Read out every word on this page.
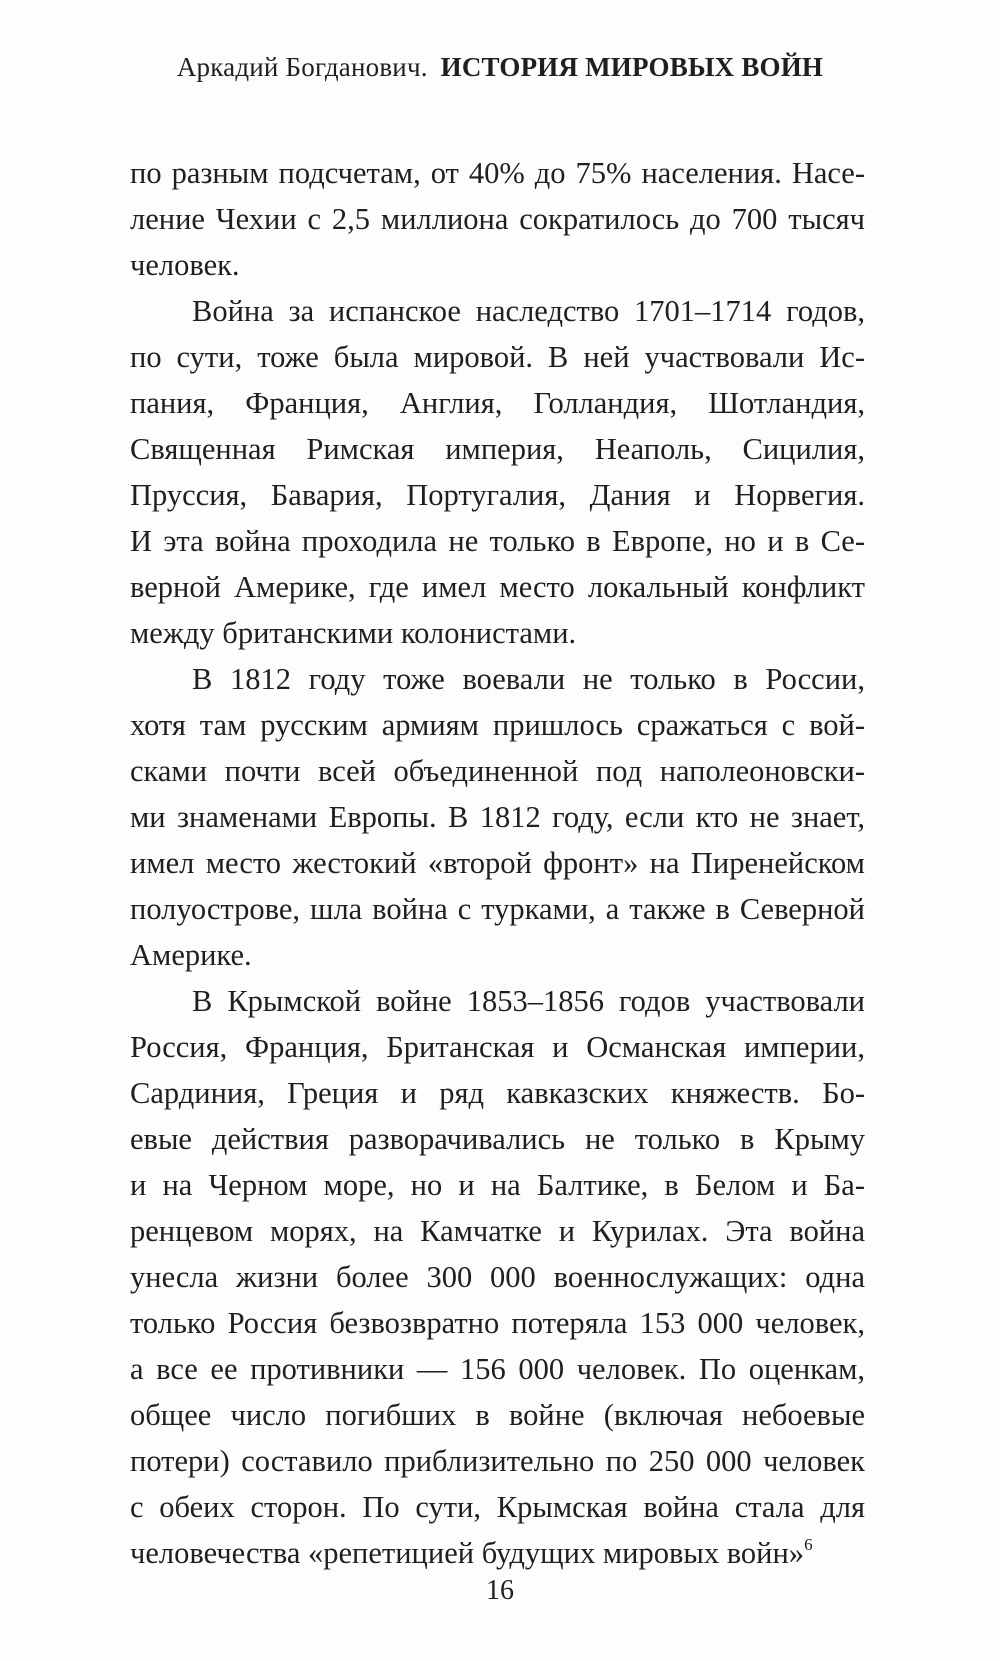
Аркадий Богданович. ИСТОРИЯ МИРОВЫХ ВОЙН
по разным подсчетам, от 40% до 75% населения. Насе-
ление Чехии с 2,5 миллиона сократилось до 700 тысяч
человек.
Война за испанское наследство 1701–1714 годов,
по сути, тоже была мировой. В ней участвовали Ис-
пания, Франция, Англия, Голландия, Шотландия,
Священная Римская империя, Неаполь, Сицилия,
Пруссия, Бавария, Португалия, Дания и Норвегия.
И эта война проходила не только в Европе, но и в Се-
верной Америке, где имел место локальный конфликт
между британскими колонистами.
В 1812 году тоже воевали не только в России,
хотя там русским армиям пришлось сражаться с вой-
сками почти всей объединенной под наполеоновски-
ми знаменами Европы. В 1812 году, если кто не знает,
имел место жестокий «второй фронт» на Пиренейском
полуострове, шла война с турками, а также в Северной
Америке.
В Крымской войне 1853–1856 годов участвовали
Россия, Франция, Британская и Османская империи,
Сардиния, Греция и ряд кавказских княжеств. Бо-
евые действия разворачивались не только в Крыму
и на Черном море, но и на Балтике, в Белом и Ба-
ренцевом морях, на Камчатке и Курилах. Эта война
унесла жизни более 300 000 военнослужащих: одна
только Россия безвозвратно потеряла 153 000 человек,
а все ее противники — 156 000 человек. По оценкам,
общее число погибших в войне (включая небоевые
потери) составило приблизительно по 250 000 человек
с обеих сторон. По сути, Крымская война стала для
человечества «репетицией будущих мировых войн»$^6$
16
